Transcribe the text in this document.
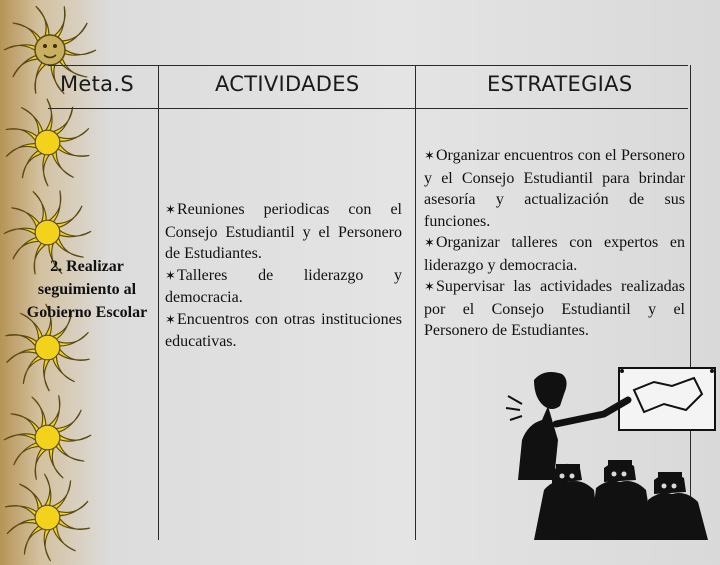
Meta.S	ACTIVIDADES	ESTRATEGIAS
2. Realizar seguimiento al Gobierno Escolar

✶Reuniones periodicas con el Consejo Estudiantil y el Personero de Estudiantes.

✶Talleres de liderazgo y democracia.

✶Encuentros con otras instituciones educativas.

✶Organizar encuentros con el Personero y el Consejo Estudiantil para brindar asesoría y actualización de sus funciones.

✶Organizar talleres con expertos en liderazgo y democracia.

✶Supervisar las actividades realizadas por el Consejo Estudiantil y el Personero de Estudiantes.
